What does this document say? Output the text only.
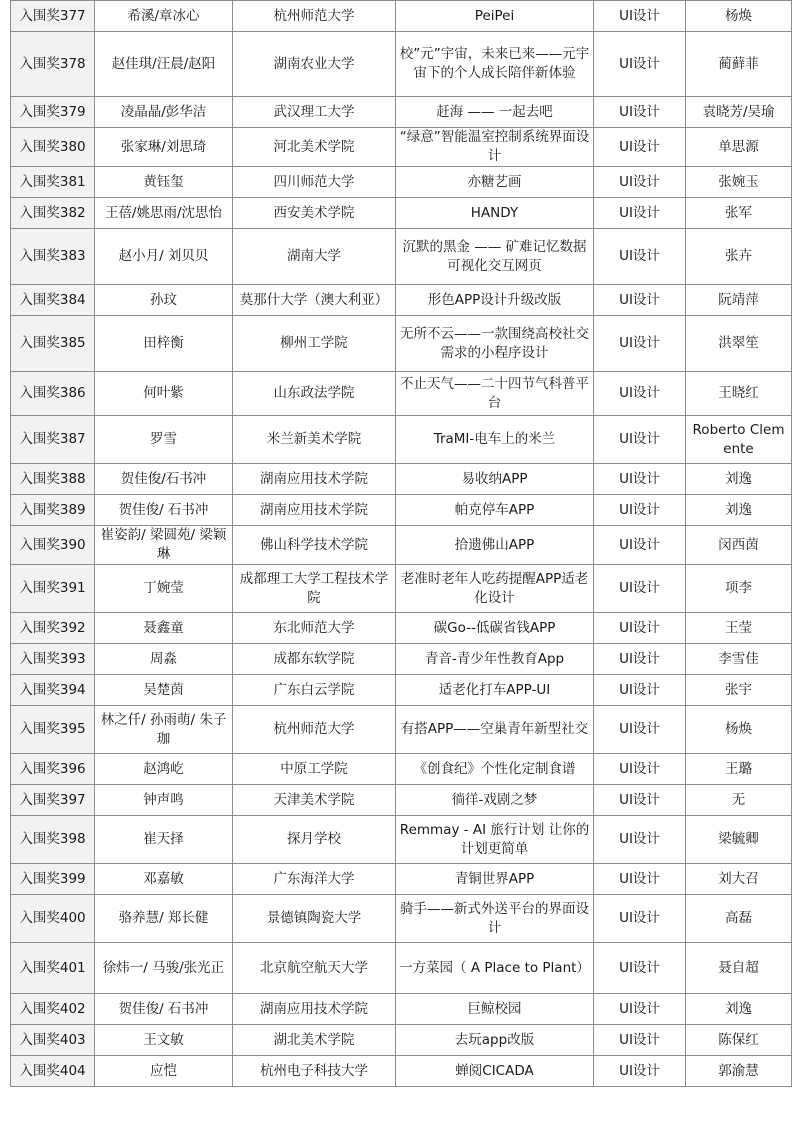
入围奖377	希溪/章冰心	杭州师范大学	PeiPei	UI设计	杨焕
入围奖378	赵佳琪/汪晨/赵阳	湖南农业大学	校”元”宇宙，未来已来——元宇宙下的个人成长陪伴新体验	UI设计	蔺藓菲
入围奖379	凌晶晶/彭华洁	武汉理工大学	赶海 —— 一起去吧	UI设计	袁晓芳/吴瑜
入围奖380	张家琳/刘思琦	河北美术学院	“绿意”智能温室控制系统界面设计	UI设计	单思源
入围奖381	黄钰玺	四川师范大学	亦糖艺画	UI设计	张婉玉
入围奖382	王蓓/姚思雨/沈思怡	西安美术学院	HANDY	UI设计	张军
入围奖383	赵小月/ 刘贝贝	湖南大学	沉默的黑金 —— 矿难记忆数据可视化交互网页	UI设计	张卉
入围奖384	孙玟	莫那什大学（澳大利亚）	形色APP设计升级改版	UI设计	阮靖萍
入围奖385	田梓衡	柳州工学院	无所不云——一款围绕高校社交需求的小程序设计	UI设计	洪翠笙
入围奖386	何叶紫	山东政法学院	不止天气——二十四节气科普平台	UI设计	王晓红
入围奖387	罗雪	米兰新美术学院	TraMI-电车上的米兰	UI设计	Roberto Clemente
入围奖388	贺佳俊/石书冲	湖南应用技术学院	易收纳APP	UI设计	刘逸
入围奖389	贺佳俊/ 石书冲	湖南应用技术学院	帕克停车APP	UI设计	刘逸
入围奖390	崔姿韵/ 梁圆苑/ 梁颖琳	佛山科学技术学院	拾遗佛山APP	UI设计	闵西茵
入围奖391	丁婉莹	成都理工大学工程技术学院	老准时老年人吃药提醒APP适老化设计	UI设计	项李
入围奖392	聂鑫童	东北师范大学	碳Go--低碳省钱APP	UI设计	王莹
入围奖393	周淼	成都东软学院	青音-青少年性教育App	UI设计	李雪佳
入围奖394	吴楚茵	广东白云学院	适老化打车APP-UI	UI设计	张宇
入围奖395	林之仟/ 孙雨萌/ 朱子珈	杭州师范大学	有搭APP——空巢青年新型社交	UI设计	杨焕
入围奖396	赵鸿屹	中原工学院	《创食纪》个性化定制食谱	UI设计	王璐
入围奖397	钟声鸣	天津美术学院	徜徉-戏剧之梦	UI设计	无
入围奖398	崔天择	探月学校	Remmay - AI 旅行计划 让你的计划更简单	UI设计	梁毓卿
入围奖399	邓嘉敏	广东海洋大学	青铜世界APP	UI设计	刘大召
入围奖400	骆养慧/ 郑长健	景德镇陶瓷大学	骑手——新式外送平台的界面设计	UI设计	高磊
入围奖401	徐炜一/ 马骏/张光正	北京航空航天大学	一方菜园（ A Place to Plant）	UI设计	聂自超
入围奖402	贺佳俊/ 石书冲	湖南应用技术学院	巨鲸校园	UI设计	刘逸
入围奖403	王文敏	湖北美术学院	去玩app改版	UI设计	陈保红
入围奖404	应恺	杭州电子科技大学	蝉阅CICADA	UI设计	郭渝慧
